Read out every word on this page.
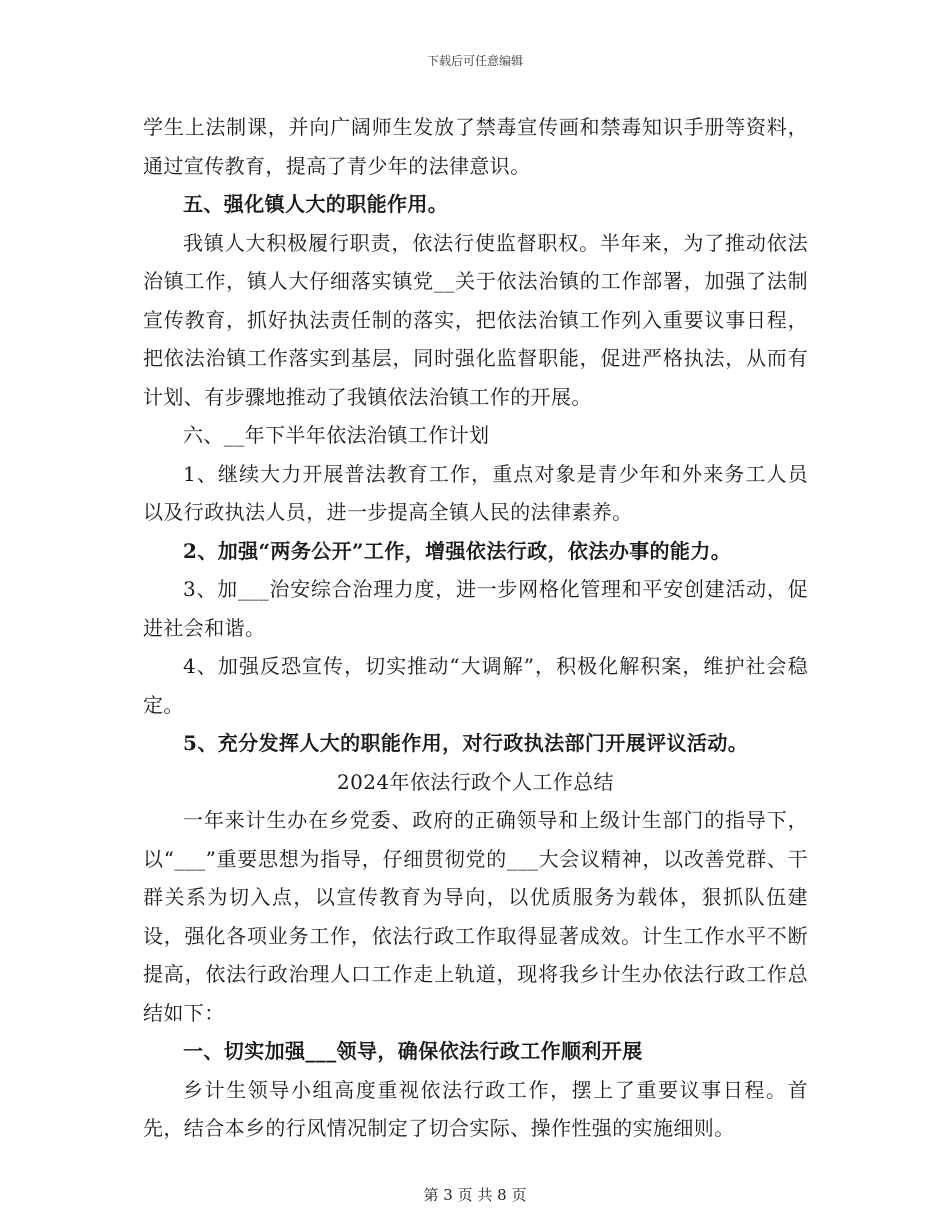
下载后可任意编辑

学生上法制课，并向广阔师生发放了禁毒宣传画和禁毒知识手册等资料，通过宣传教育，提高了青少年的法律意识。

五、强化镇人大的职能作用。

我镇人大积极履行职责，依法行使监督职权。半年来，为了推动依法治镇工作，镇人大仔细落实镇党__关于依法治镇的工作部署，加强了法制宣传教育，抓好执法责任制的落实，把依法治镇工作列入重要议事日程，把依法治镇工作落实到基层，同时强化监督职能，促进严格执法，从而有计划、有步骤地推动了我镇依法治镇工作的开展。

六、__年下半年依法治镇工作计划

1、继续大力开展普法教育工作，重点对象是青少年和外来务工人员以及行政执法人员，进一步提高全镇人民的法律素养。

2、加强“两务公开”工作，增强依法行政，依法办事的能力。

3、加___治安综合治理力度，进一步网格化管理和平安创建活动，促进社会和谐。

4、加强反恐宣传，切实推动“大调解”，积极化解积案，维护社会稳定。

5、充分发挥人大的职能作用，对行政执法部门开展评议活动。

2024年依法行政个人工作总结

一年来计生办在乡党委、政府的正确领导和上级计生部门的指导下，以“___”重要思想为指导，仔细贯彻党的___大会议精神，以改善党群、干群关系为切入点，以宣传教育为导向，以优质服务为载体，狠抓队伍建设，强化各项业务工作，依法行政工作取得显著成效。计生工作水平不断提高，依法行政治理人口工作走上轨道，现将我乡计生办依法行政工作总结如下：

一、切实加强___领导，确保依法行政工作顺利开展

乡计生领导小组高度重视依法行政工作，摆上了重要议事日程。首先，结合本乡的行风情况制定了切合实际、操作性强的实施细则。

第 3 页 共 8 页
